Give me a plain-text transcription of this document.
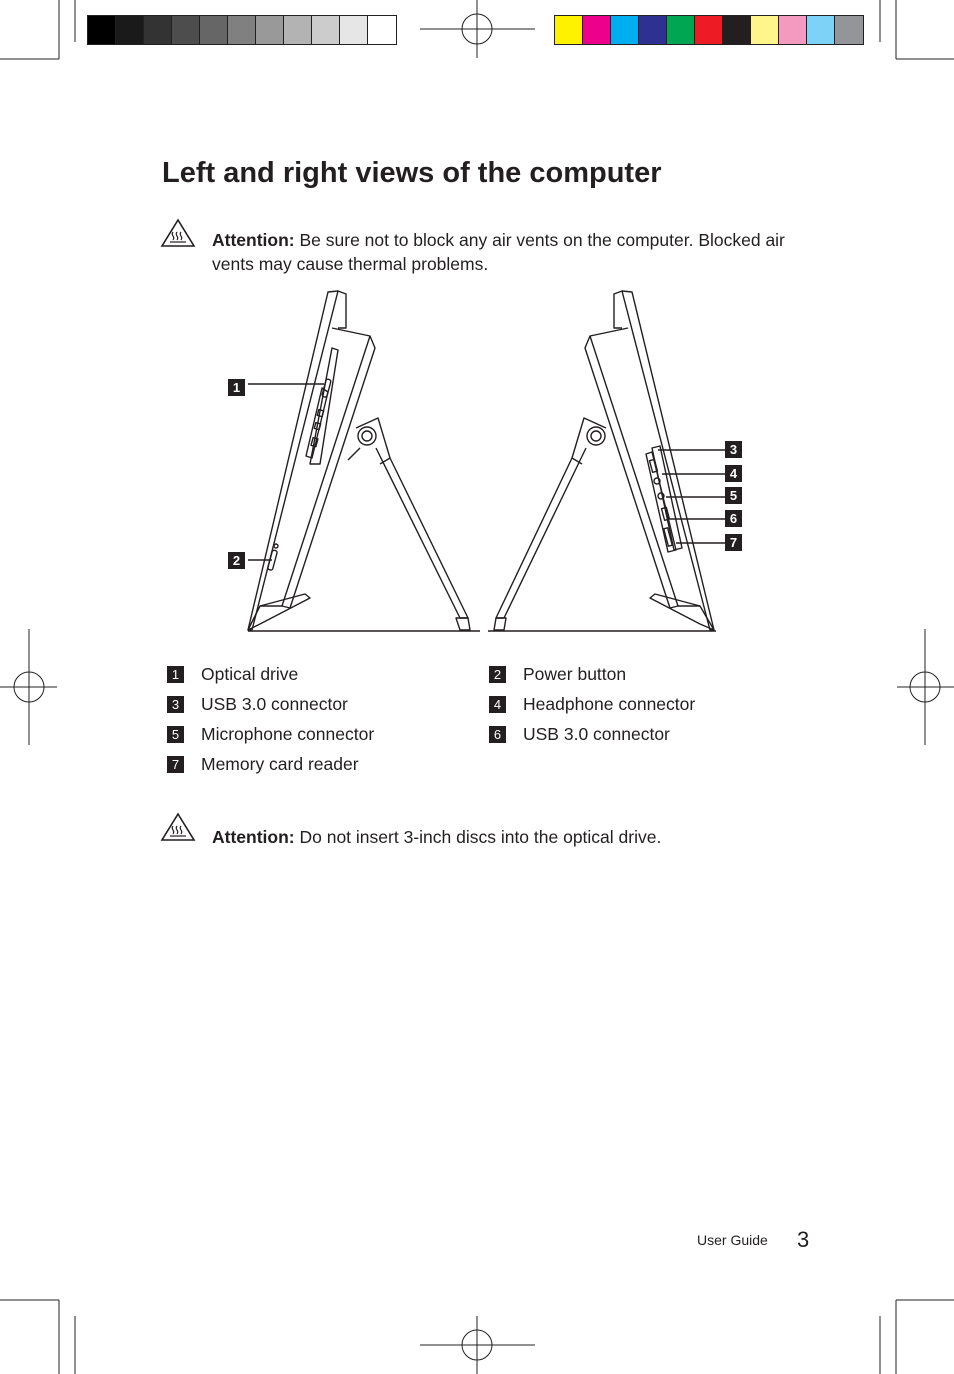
Left and right views of the computer
Attention: Be sure not to block any air vents on the computer. Blocked air vents may cause thermal problems.
1
2
3
4
5
6
7
1 Optical drive	2 Power button
3 USB 3.0 connector	4 Headphone connector
5 Microphone connector	6 USB 3.0 connector
7 Memory card reader
Attention: Do not insert 3-inch discs into the optical drive.
User Guide 3
